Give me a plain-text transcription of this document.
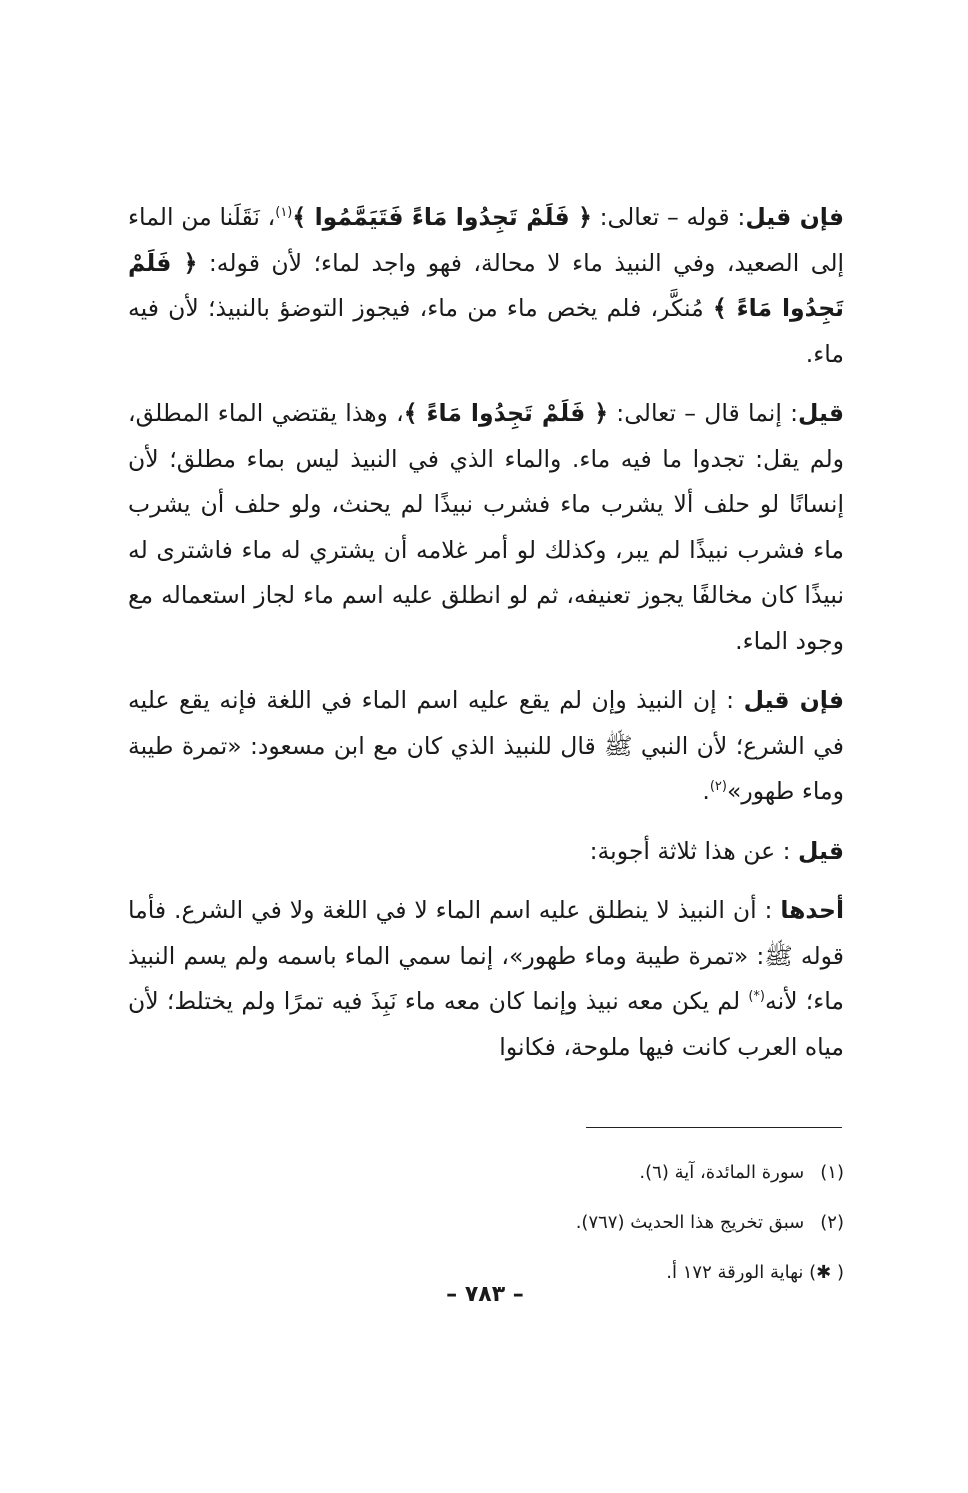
فإن قيل: قوله – تعالى: ﴿ فَلَمْ تَجِدُوا مَاءً فَتَيَمَّمُوا ﴾$^{(١)}$، نَقَلَنا من الماء إلى الصعيد، وفي النبيذ ماء لا محالة، فهو واجد لماء؛ لأن قوله: ﴿ فَلَمْ تَجِدُوا مَاءً ﴾ مُنكَّر، فلم يخص ماء من ماء، فيجوز التوضؤ بالنبيذ؛ لأن فيه ماء.

قيل: إنما قال – تعالى: ﴿ فَلَمْ تَجِدُوا مَاءً ﴾، وهذا يقتضي الماء المطلق، ولم يقل: تجدوا ما فيه ماء. والماء الذي في النبيذ ليس بماء مطلق؛ لأن إنسانًا لو حلف ألا يشرب ماء فشرب نبيذًا لم يحنث، ولو حلف أن يشرب ماء فشرب نبيذًا لم يبر، وكذلك لو أمر غلامه أن يشتري له ماء فاشترى له نبيذًا كان مخالفًا يجوز تعنيفه، ثم لو انطلق عليه اسم ماء لجاز استعماله مع وجود الماء.

فإن قيل : إن النبيذ وإن لم يقع عليه اسم الماء في اللغة فإنه يقع عليه في الشرع؛ لأن النبي ﷺ قال للنبيذ الذي كان مع ابن مسعود: «تمرة طيبة وماء طهور»$^{(٢)}$.

قيل : عن هذا ثلاثة أجوبة:

أحدها : أن النبيذ لا ينطلق عليه اسم الماء لا في اللغة ولا في الشرع. فأما قوله ﷺ: «تمرة طيبة وماء طهور»، إنما سمي الماء باسمه ولم يسم النبيذ ماء؛ لأنه(*) لم يكن معه نبيذ وإنما كان معه ماء نَبِذَ فيه تمرًا ولم يختلط؛ لأن مياه العرب كانت فيها ملوحة، فكانوا

(١) سورة المائدة، آية (٦).
(٢) سبق تخريج هذا الحديث (٧٦٧).
( ✱) نهاية الورقة ١٧٢ أ.
– ٧٨٣ –
